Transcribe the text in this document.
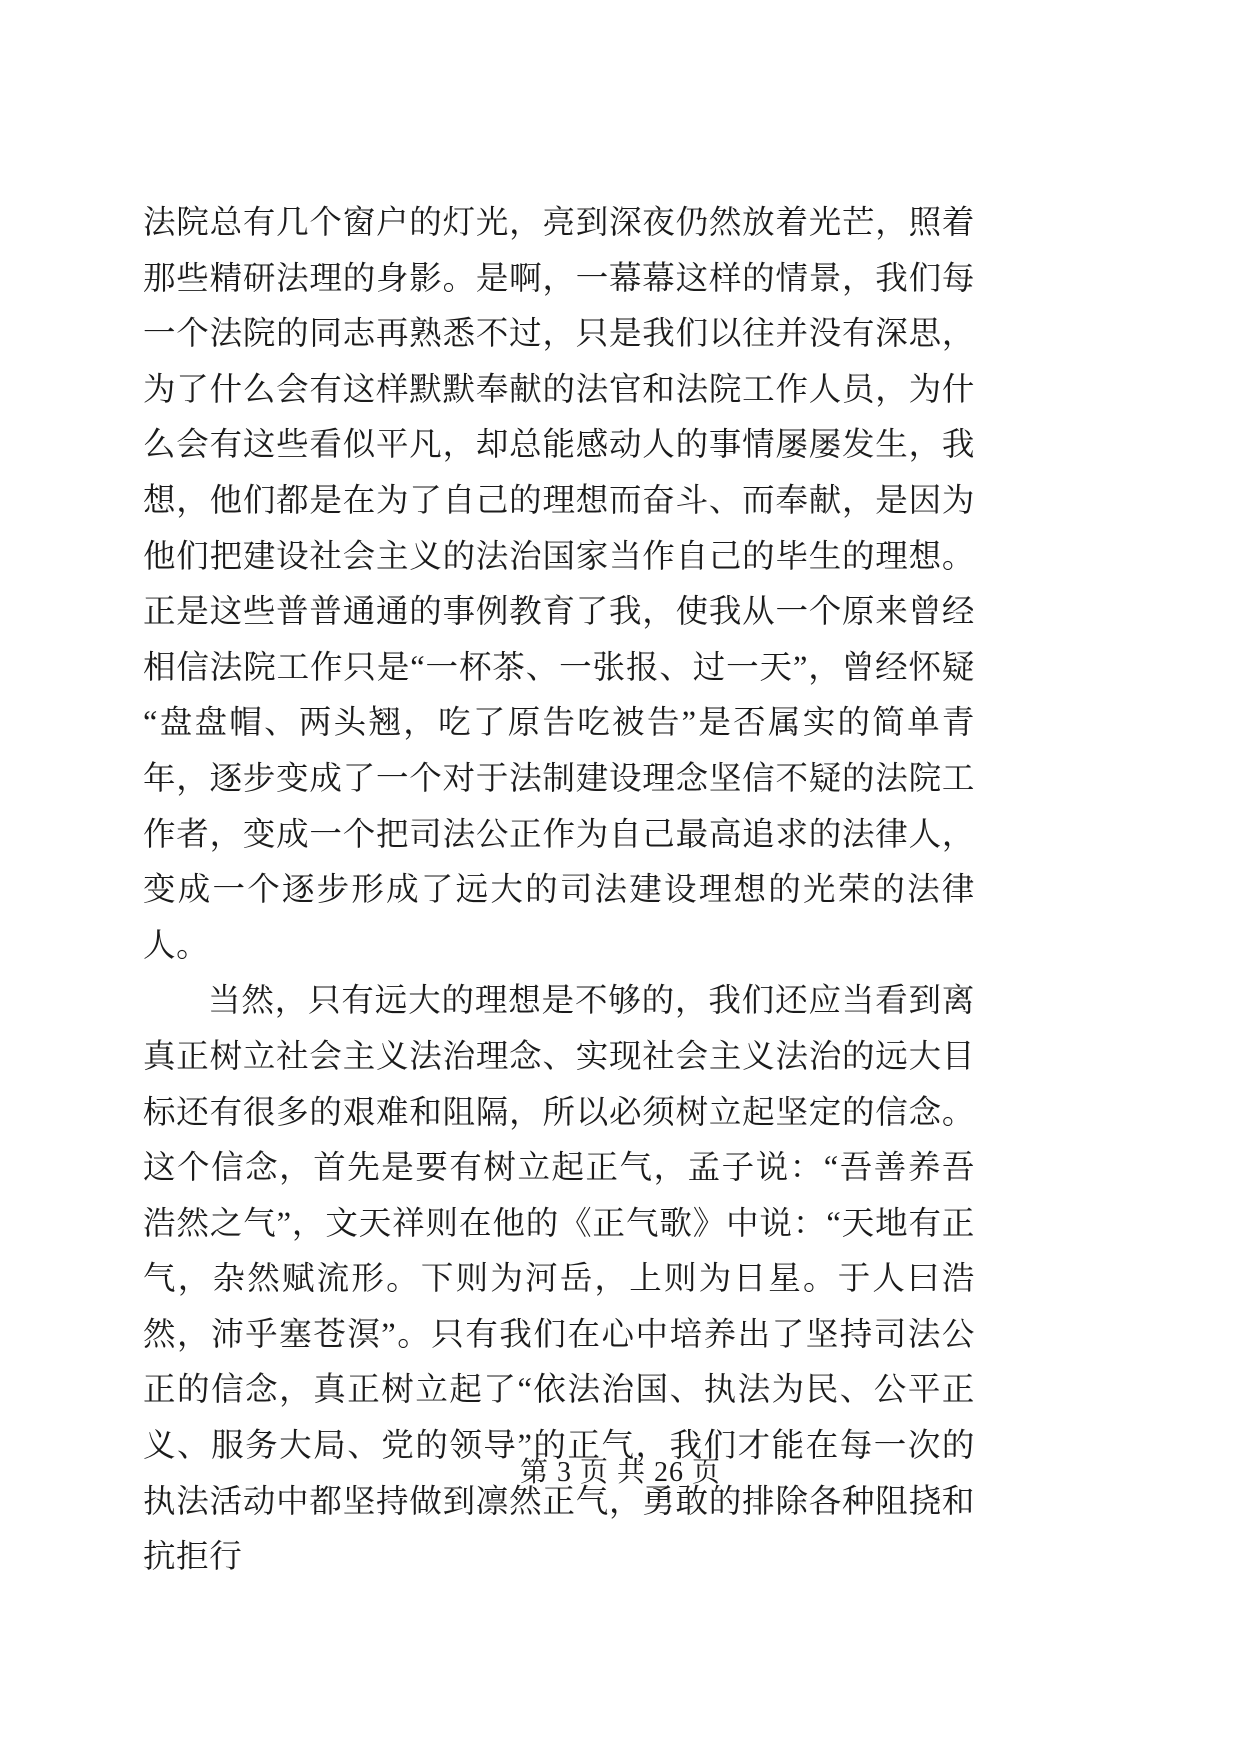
法院总有几个窗户的灯光，亮到深夜仍然放着光芒，照着那些精研法理的身影。是啊，一幕幕这样的情景，我们每一个法院的同志再熟悉不过，只是我们以往并没有深思，为了什么会有这样默默奉献的法官和法院工作人员，为什么会有这些看似平凡，却总能感动人的事情屡屡发生，我想，他们都是在为了自己的理想而奋斗、而奉献，是因为他们把建设社会主义的法治国家当作自己的毕生的理想。正是这些普普通通的事例教育了我，使我从一个原来曾经相信法院工作只是“一杯茶、一张报、过一天”，曾经怀疑“盘盘帽、两头翘，吃了原告吃被告”是否属实的简单青年，逐步变成了一个对于法制建设理念坚信不疑的法院工作者，变成一个把司法公正作为自己最高追求的法律人，变成一个逐步形成了远大的司法建设理想的光荣的法律人。

当然，只有远大的理想是不够的，我们还应当看到离真正树立社会主义法治理念、实现社会主义法治的远大目标还有很多的艰难和阻隔，所以必须树立起坚定的信念。这个信念，首先是要有树立起正气，孟子说：“吾善养吾浩然之气”，文天祥则在他的《正气歌》中说：“天地有正气，杂然赋流形。下则为河岳，上则为日星。于人曰浩然，沛乎塞苍溟”。只有我们在心中培养出了坚持司法公正的信念，真正树立起了“依法治国、执法为民、公平正义、服务大局、党的领导”的正气，我们才能在每一次的执法活动中都坚持做到凛然正气，勇敢的排除各种阻挠和抗拒行

第 3 页 共 26 页
